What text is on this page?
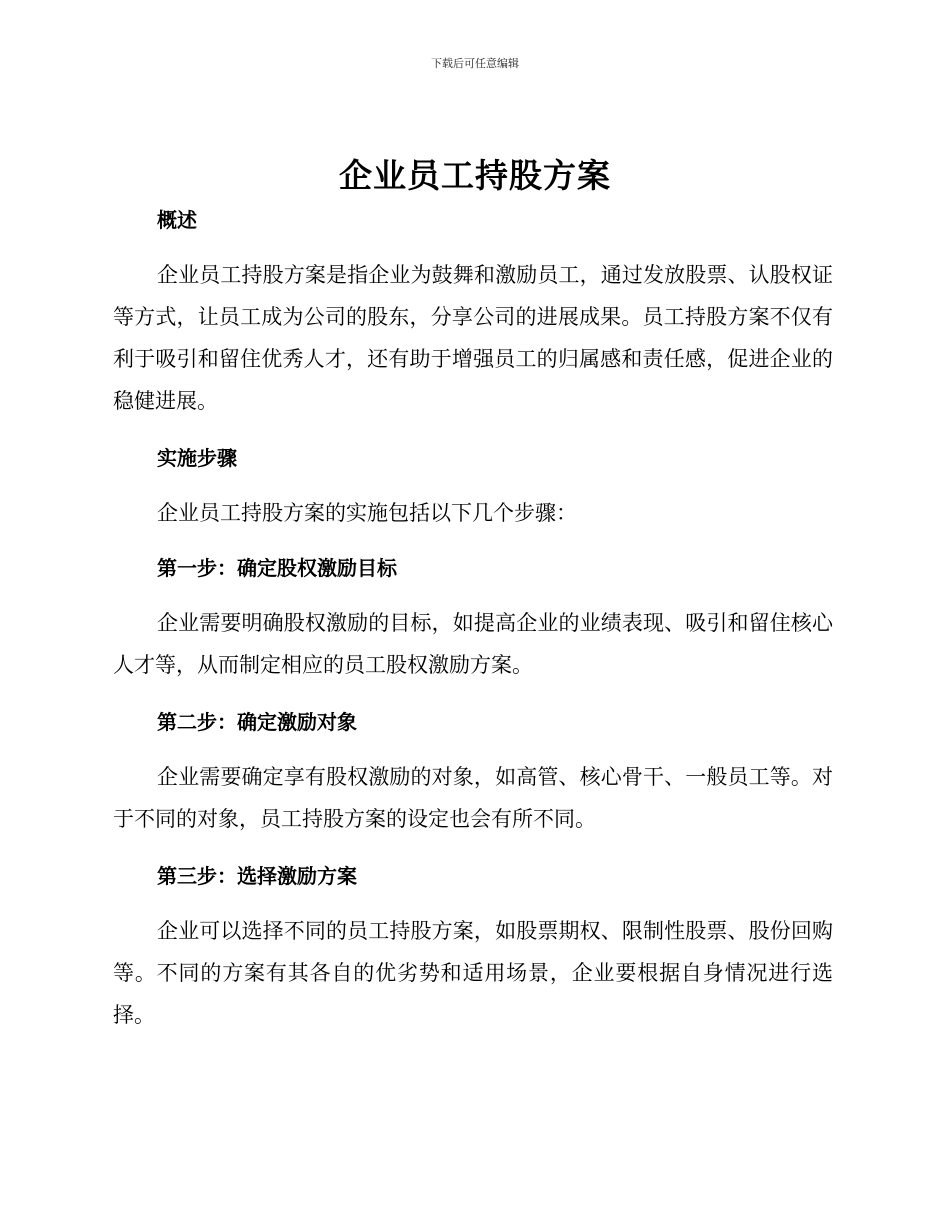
下载后可任意编辑
企业员工持股方案
概述

企业员工持股方案是指企业为鼓舞和激励员工，通过发放股票、认股权证等方式，让员工成为公司的股东，分享公司的进展成果。员工持股方案不仅有利于吸引和留住优秀人才，还有助于增强员工的归属感和责任感，促进企业的稳健进展。

实施步骤

企业员工持股方案的实施包括以下几个步骤：

第一步：确定股权激励目标

企业需要明确股权激励的目标，如提高企业的业绩表现、吸引和留住核心人才等，从而制定相应的员工股权激励方案。

第二步：确定激励对象

企业需要确定享有股权激励的对象，如高管、核心骨干、一般员工等。对于不同的对象，员工持股方案的设定也会有所不同。

第三步：选择激励方案

企业可以选择不同的员工持股方案，如股票期权、限制性股票、股份回购等。不同的方案有其各自的优劣势和适用场景，企业要根据自身情况进行选择。
